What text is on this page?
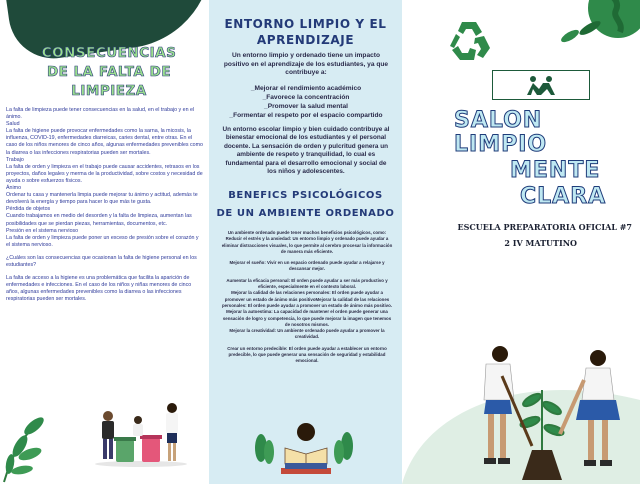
CONSECUENCIAS
DE LA FALTA DE
LIMPIEZA

La falta de limpieza puede tener consecuencias en la salud, en el trabajo y en el ánimo.

Salud

La falta de higiene puede provocar enfermedades como la sarna, la micosis, la influenza, COVID-19, enfermedades diarreicas, caries dental, entre otras. En el caso de los niños menores de cinco años, algunas enfermedades prevenibles como la diarrea o las infecciones respiratorias pueden ser mortales.

Trabajo

La falta de orden y limpieza en el trabajo puede causar accidentes, retrasos en los proyectos, daños legales y merma de la productividad, sobre costos y necesidad de ayuda o sobre esfuerzos físicos.

Ánimo

Ordenar tu casa y mantenerla limpia puede mejorar tu ánimo y actitud, además te devolverá la energía y tiempo para hacer lo que más te gusta.

Pérdida de objetos

Cuando trabajamos en medio del desorden y la falta de limpieza, aumentan las posibilidades que se pierdan piezas, herramientas, documentos, etc.

Presión en el sistema nervioso

La falta de orden y limpieza puede poner un exceso de presión sobre el corazón y el sistema nervioso.

¿Cuáles son las consecuencias que ocasionan la falta de higiene personal en los estudiantes?

La falta de acceso a la higiene es una problemática que facilita la aparición de enfermedades e infecciones. En el caso de los niños y niñas menores de cinco años, algunas enfermedades prevenibles como la diarrea o las infecciones respiratorias pueden ser mortales.

ENTORNO LIMPIO Y EL
APRENDIZAJE
Un entorno limpio y ordenado tiene un impacto positivo en el aprendizaje de los estudiantes, ya que contribuye a:
_Mejorar el rendimiento académico
_Favorece la concentración
_Promover la salud mental
_Formentar el respeto por el espacio compartido
Un entorno escolar limpio y bien cuidado contribuye al bienestar emocional de los estudiantes y el personal docente. La sensación de orden y pulcritud genera un ambiente de respeto y tranquilidad, lo cual es fundamental para el desarrollo emocional y social de los niños y adolescentes.
BENEFICS PSICOLÓGICOS
DE UN AMBIENTE ORDENADO

Un ambiente ordenado puede tener muchos beneficios psicológicos, como: Reducir el estrés y la ansiedad: Un entorno limpio y ordenado puede ayudar a eliminar distracciones visuales, lo que permite al cerebro procesar la información de manera más eficiente.

Mejorar el sueño: Vivir en un espacio ordenado puede ayudar a relajarse y descansar mejor.

Aumentar la eficacia personal: El orden puede ayudar a ser más productivo y eficiente, especialmente en el contexto laboral.

Mejorar la calidad de las relaciones personales: El orden puede ayudar a promover un estado de ánimo más positivoMejorar la calidad de las relaciones personales: El orden puede ayudar a promover un estado de ánimo más positivo.

Mejorar la autoestima: La capacidad de mantener el orden puede generar una sensación de logro y competencia, lo que puede mejorar la imagen que tenemos de nosotros mismos.

Mejorar la creatividad: Un ambiente ordenado puede ayudar a promover la creatividad.

Crear un entorno predecible: El orden puede ayudar a establecer un entorno predecible, lo que puede generar una sensación de seguridad y estabilidad emocional.

SALON
LIMPIO
MENTE
CLARA
ESCUELA PREPARATORIA OFICIAL #7
2 IV MATUTINO
